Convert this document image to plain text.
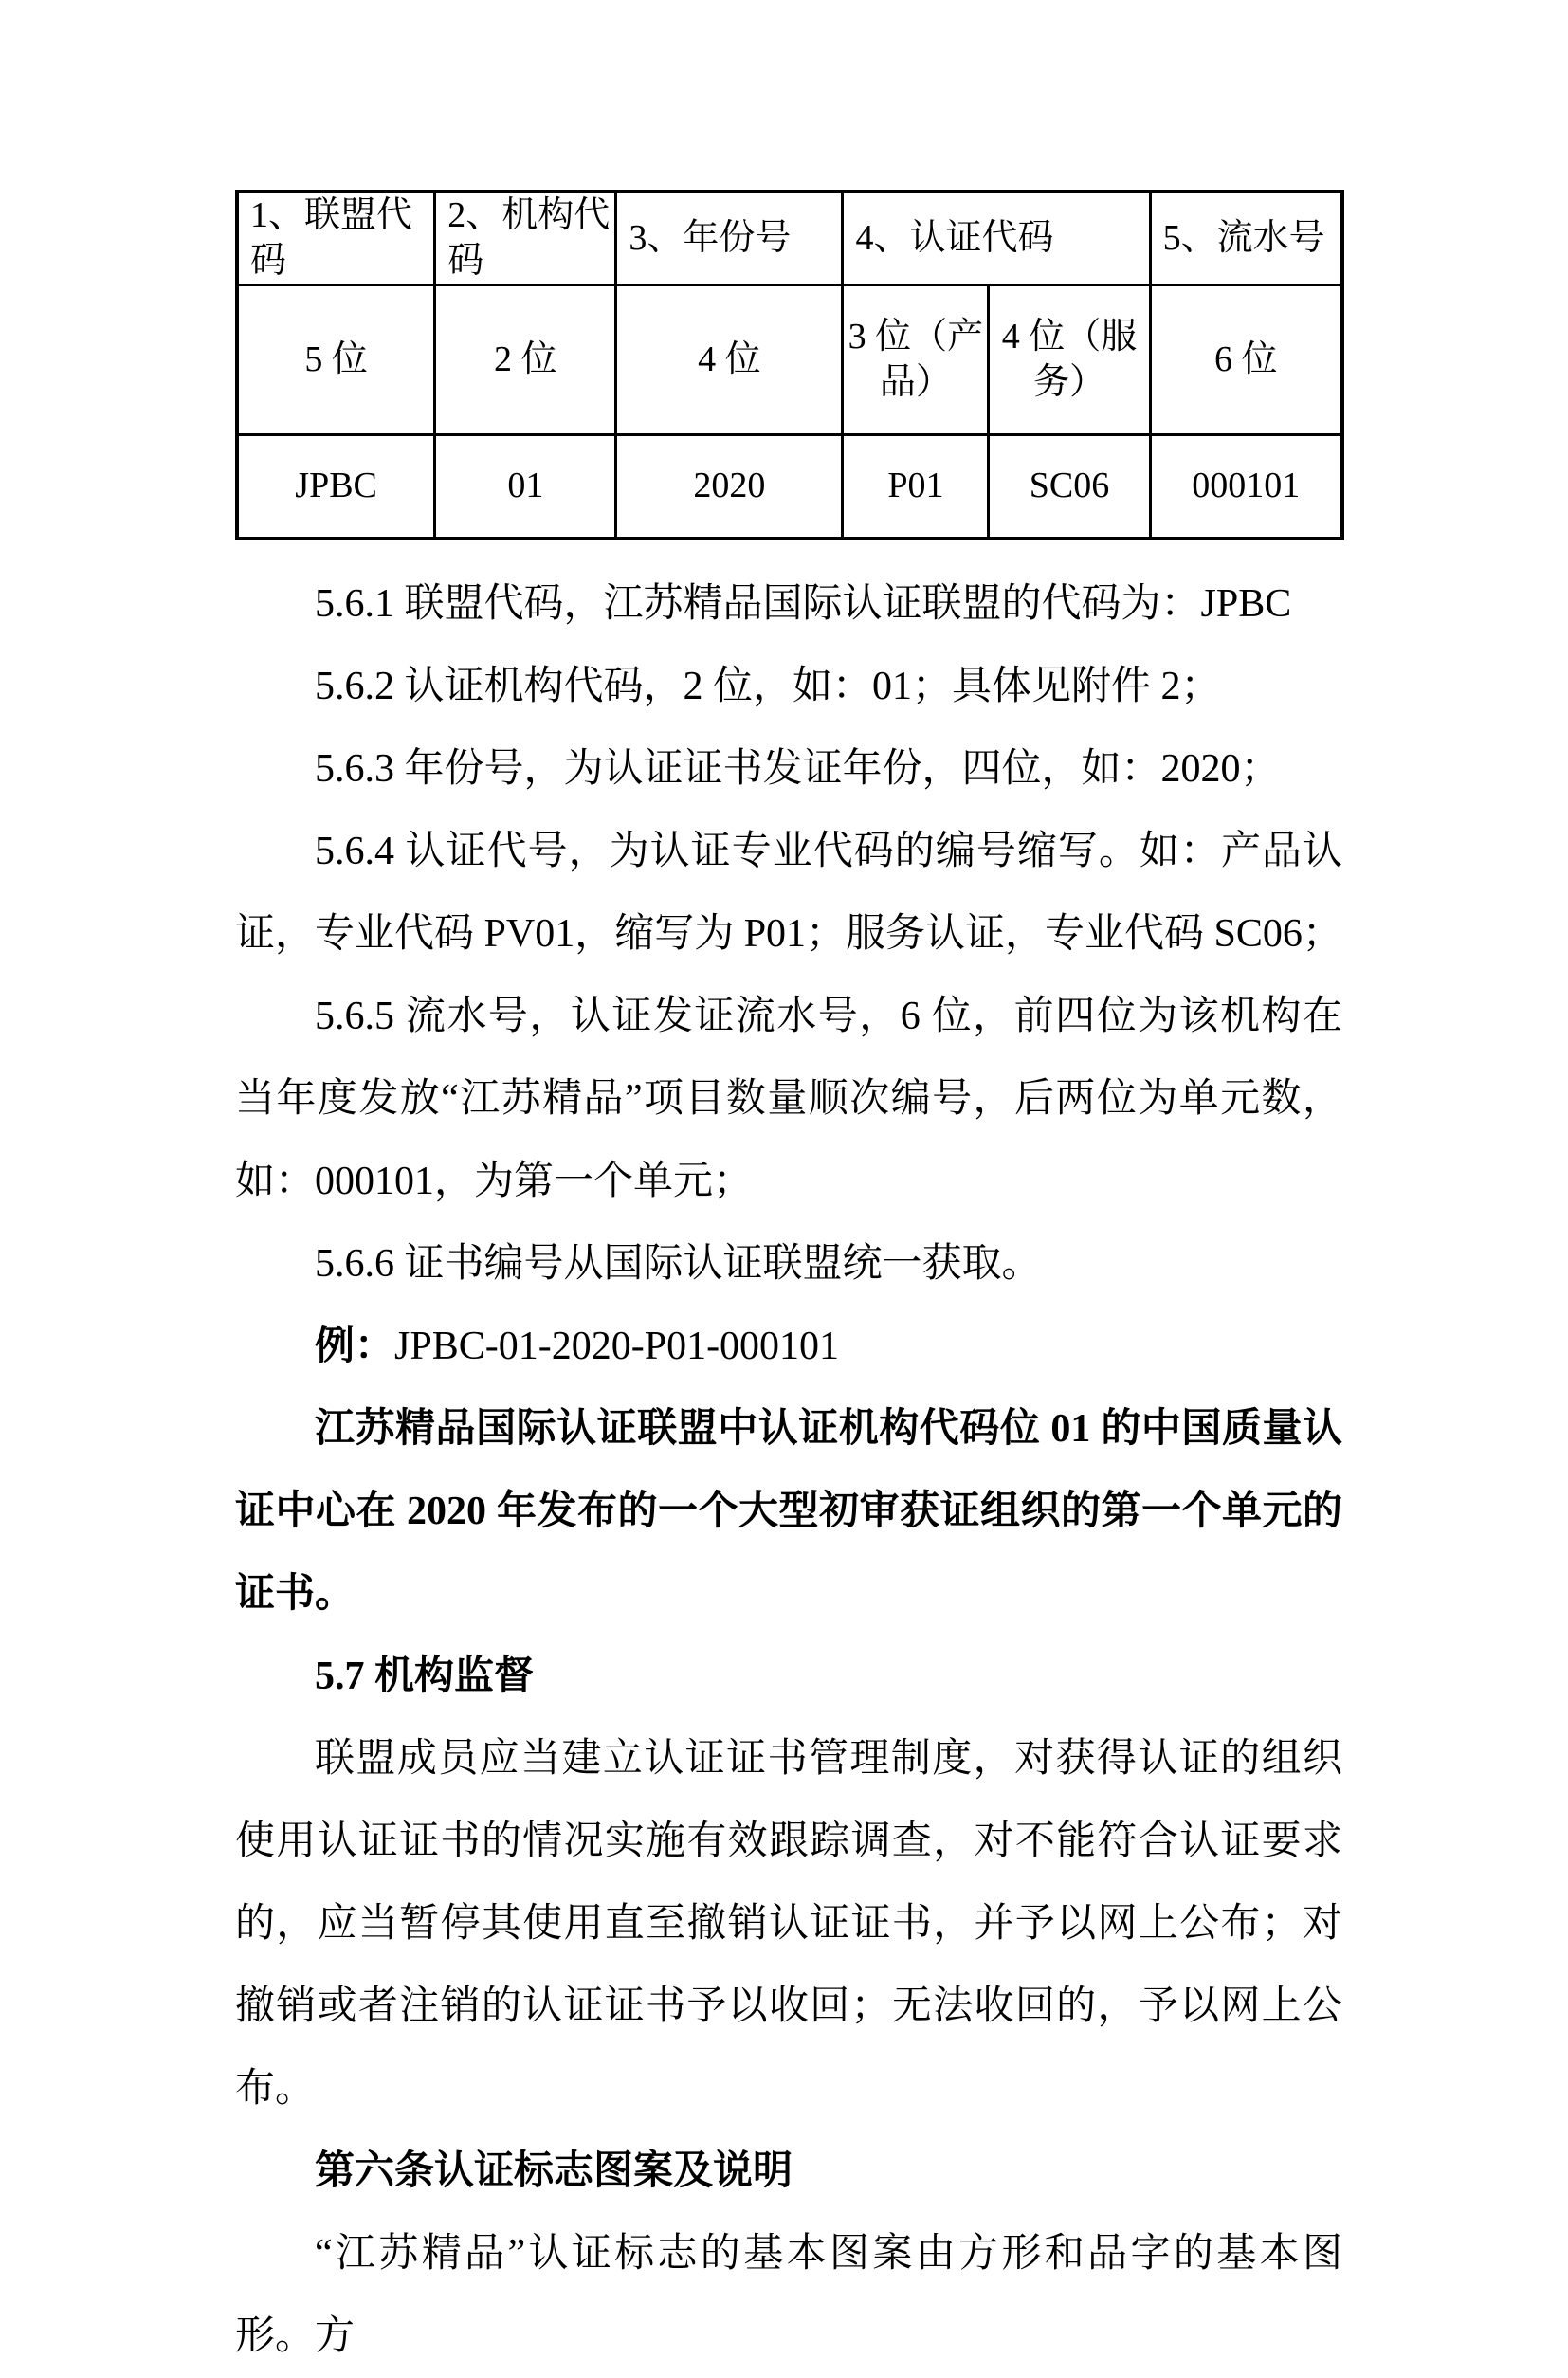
1、联盟代码	2、机构代码	3、年份号	4、认证代码		5、流水号
5 位	2 位	4 位	3 位（产品）	4 位（服务）	6 位
JPBC	01	2020	P01	SC06	000101

5.6.1 联盟代码，江苏精品国际认证联盟的代码为：JPBC

5.6.2 认证机构代码，2 位，如：01；具体见附件 2；

5.6.3 年份号，为认证证书发证年份，四位，如：2020；

5.6.4 认证代号，为认证专业代码的编号缩写。如：产品认证，专业代码 PV01，缩写为 P01；服务认证，专业代码 SC06；

5.6.5 流水号，认证发证流水号，6 位，前四位为该机构在当年度发放“江苏精品”项目数量顺次编号，后两位为单元数，如：000101，为第一个单元；

5.6.6 证书编号从国际认证联盟统一获取。

例：JPBC-01-2020-P01-000101

江苏精品国际认证联盟中认证机构代码位 01 的中国质量认证中心在 2020 年发布的一个大型初审获证组织的第一个单元的证书。

5.7 机构监督

联盟成员应当建立认证证书管理制度，对获得认证的组织使用认证证书的情况实施有效跟踪调查，对不能符合认证要求的，应当暂停其使用直至撤销认证证书，并予以网上公布；对撤销或者注销的认证证书予以收回；无法收回的，予以网上公布。

第六条认证标志图案及说明

“江苏精品”认证标志的基本图案由方形和品字的基本图形。方
